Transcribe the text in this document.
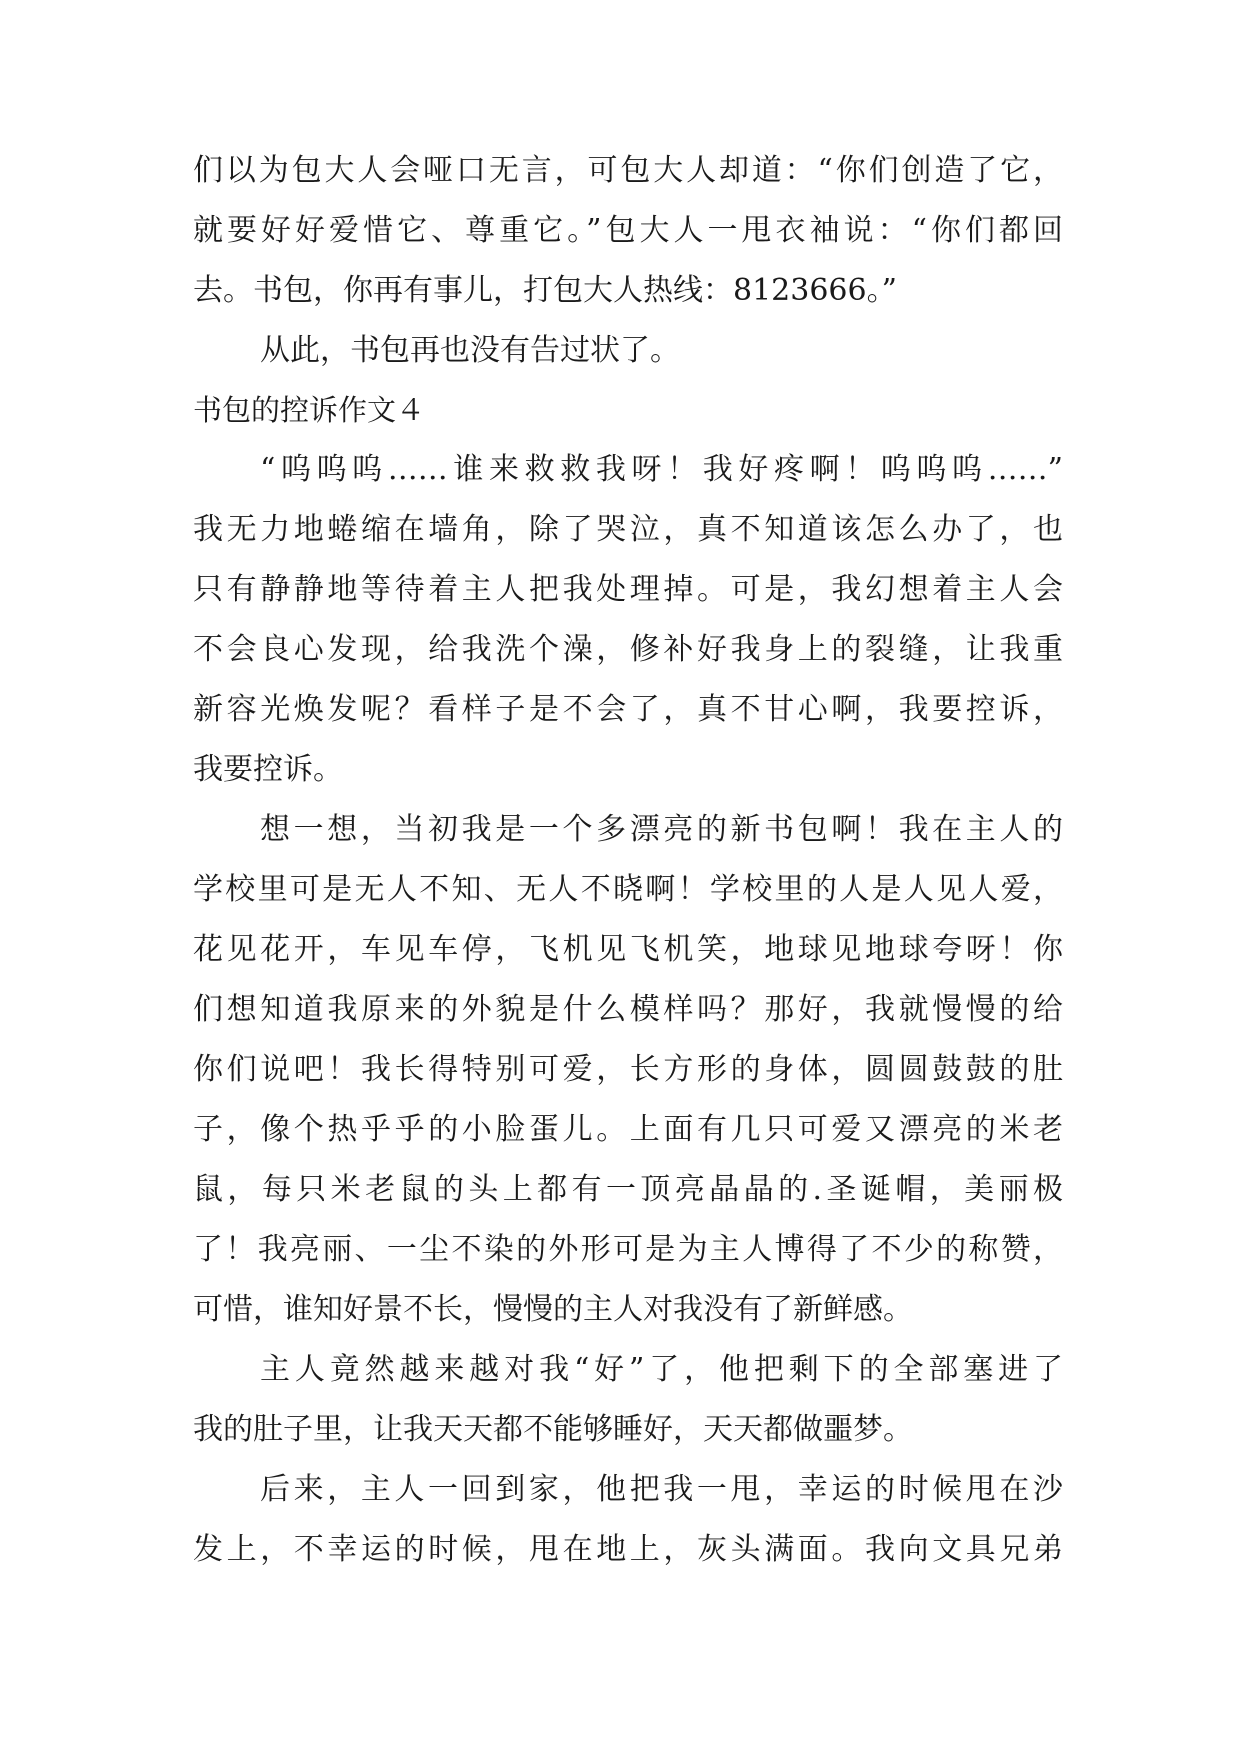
们以为包大人会哑口无言，可包大人却道：“你们创造了它，
就要好好爱惜它、尊重它。”包大人一甩衣袖说：“你们都回
去。书包，你再有事儿，打包大人热线：8123666。”
从此，书包再也没有告过状了。
书包的控诉作文４
“呜呜呜……谁来救救我呀！我好疼啊！呜呜呜……”
我无力地蜷缩在墙角，除了哭泣，真不知道该怎么办了，也
只有静静地等待着主人把我处理掉。可是，我幻想着主人会
不会良心发现，给我洗个澡，修补好我身上的裂缝，让我重
新容光焕发呢？看样子是不会了，真不甘心啊，我要控诉，
我要控诉。
想一想，当初我是一个多漂亮的新书包啊！我在主人的
学校里可是无人不知、无人不晓啊！学校里的人是人见人爱，
花见花开，车见车停，飞机见飞机笑，地球见地球夸呀！你
们想知道我原来的外貌是什么模样吗？那好，我就慢慢的给
你们说吧！我长得特别可爱，长方形的身体，圆圆鼓鼓的肚
子，像个热乎乎的小脸蛋儿。上面有几只可爱又漂亮的米老
鼠，每只米老鼠的头上都有一顶亮晶晶的.圣诞帽，美丽极
了！我亮丽、一尘不染的外形可是为主人博得了不少的称赞，
可惜，谁知好景不长，慢慢的主人对我没有了新鲜感。
主人竟然越来越对我“好”了，他把剩下的全部塞进了
我的肚子里，让我天天都不能够睡好，天天都做噩梦。
后来，主人一回到家，他把我一甩，幸运的时候甩在沙
发上，不幸运的时候，甩在地上，灰头满面。我向文具兄弟
